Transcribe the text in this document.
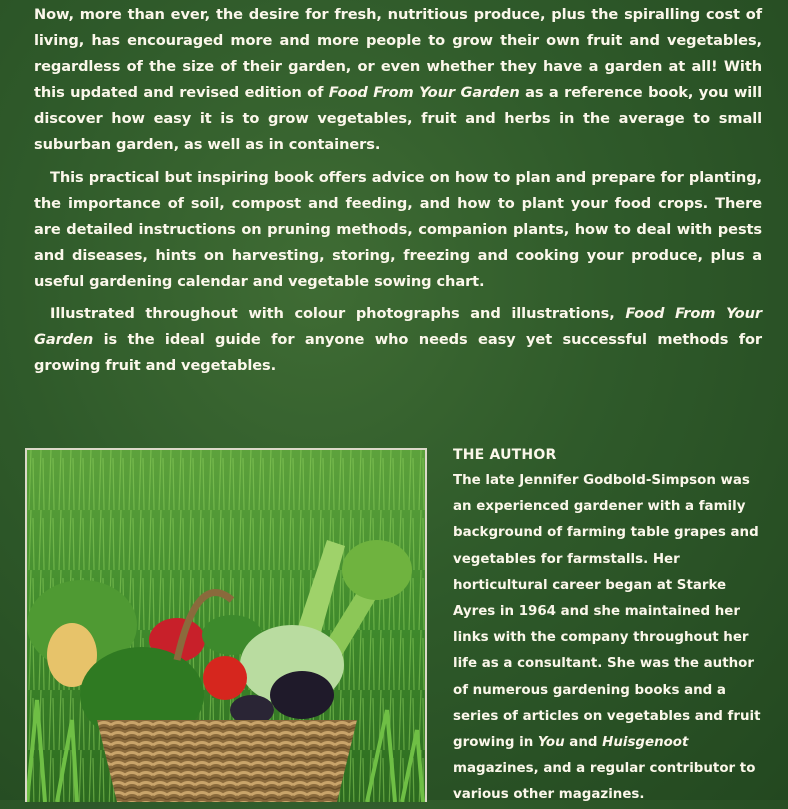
Now, more than ever, the desire for fresh, nutritious produce, plus the spiralling cost of living, has encouraged more and more people to grow their own fruit and vegetables, regardless of the size of their garden, or even whether they have a garden at all! With this updated and revised edition of Food From Your Garden as a reference book, you will discover how easy it is to grow vegetables, fruit and herbs in the average to small suburban garden, as well as in containers.

This practical but inspiring book offers advice on how to plan and prepare for planting, the importance of soil, compost and feeding, and how to plant your food crops. There are detailed instructions on pruning methods, companion plants, how to deal with pests and diseases, hints on harvesting, storing, freezing and cooking your produce, plus a useful gardening calendar and vegetable sowing chart.

Illustrated throughout with colour photographs and illustrations, Food From Your Garden is the ideal guide for anyone who needs easy yet successful methods for growing fruit and vegetables.

THE AUTHOR

The late Jennifer Godbold-Simpson was an experienced gardener with a family background of farming table grapes and vegetables for farmstalls. Her horticultural career began at Starke Ayres in 1964 and she maintained her links with the company throughout her life as a consultant. She was the author of numerous gardening books and a series of articles on vegetables and fruit growing in You and Huisgenoot magazines, and a regular contributor to various other magazines.
